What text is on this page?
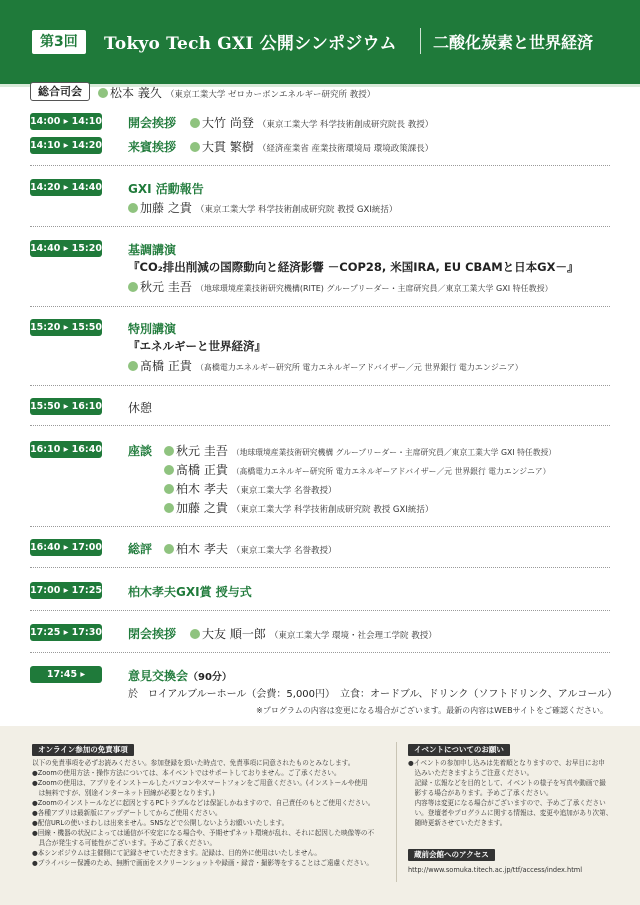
第3回	Tokyo Tech GXI 公開シンポジウム 二酸化炭素と世界経済
総合司会	松本 義久 （東京工業大学 ゼロカーボンエネルギー研究所 教授）
14:00 ▸ 14:10 開会挨拶	大竹 尚登 （東京工業大学 科学技術創成研究院長 教授）
14:10 ▸ 14:20 来賓挨拶	大貫 繁樹 （経済産業省 産業技術環境局 環境政策課長）
14:20 ▸ 14:40 GXI 活動報告
加藤 之貴 （東京工業大学 科学技術創成研究院 教授 GXI統括）
14:40 ▸ 15:20 基調講演
『CO₂排出削減の国際動向と経済影響 －COP28, 米国IRA, EU CBAMと日本GX－』
秋元 圭吾 （地球環境産業技術研究機構(RITE) グループリーダー・主席研究員／東京工業大学 GXI 特任教授）
15:20 ▸ 15:50 特別講演
『エネルギーと世界経済』
髙橋 正貴 （髙橋電力エネルギー研究所 電力エネルギーアドバイザー／元 世界銀行 電力エンジニア）
15:50 ▸ 16:10 休憩
16:10 ▸ 16:40 座談	秋元 圭吾 （地球環境産業技術研究機構 グループリーダー・主席研究員／東京工業大学 GXI 特任教授）
髙橋 正貴 （髙橋電力エネルギー研究所 電力エネルギーアドバイザー／元 世界銀行 電力エンジニア）
柏木 孝夫 （東京工業大学 名誉教授）
加藤 之貴 （東京工業大学 科学技術創成研究院 教授 GXI統括）
16:40 ▸ 17:00 総評	柏木 孝夫 （東京工業大学 名誉教授）
17:00 ▸ 17:25 柏木孝夫GXI賞 授与式
17:25 ▸ 17:30 閉会挨拶	大友 順一郎 （東京工業大学 環境・社会理工学院 教授）
17:45 ▸	意見交換会（90分）
於　ロイアルブルーホール（会費：5,000円）　立食：オードブル、ドリンク（ソフトドリンク、アルコール）
※プログラムの内容は変更になる場合がございます。最新の内容はWEBサイトをご確認ください。
オンライン参加の免責事項
以下の免責事項を必ずお読みください。参加登録を頂いた時点で、免責事項に同意されたものとみなします。
●Zoomの使用方法・操作方法については、本イベントではサポートしておりません。ご了承ください。
●Zoomの使用は、アプリをインストールしたパソコンやスマートフォンをご用意ください。(インストールや使用
　は無料ですが、別途インターネット回線が必要となります。)
●Zoomのインストールなどに起因とするPCトラブルなどは保証しかねますので、自己責任のもとご使用ください。
●各種アプリは最新版にアップデートしてからご使用ください。
●配信URLの使いまわしは出来ません。SNSなどで公開しないようお願いいたします。
●回線・機器の状況によっては通信が不安定になる場合や、予期せずネット環境が乱れ、それに起因した映像等の不
　具合が発生する可能性がございます。予めご了承ください。
●本シンポジウムは主催側にて記録させていただきます。記録は、目的外に使用はいたしません。
●プライバシー保護のため、無断で画面をスクリーンショットや録画・録音・撮影等をすることはご遠慮ください。
イベントについてのお願い
●イベントの参加申し込みは先着順となりますので、お早目にお申
　込みいただきますようご注意ください。
　記録・広報などを目的として、イベントの様子を写真や動画で撮
　影する場合があります。予めご了承ください。
　内容等は変更になる場合がございますので、予めご了承ください
　い。登壇者やプログラムに関する情報は、変更や追加があり次第、
　随時更新させていただきます。
蔵前会館へのアクセス
http://www.somuka.titech.ac.jp/ttf/access/index.html
